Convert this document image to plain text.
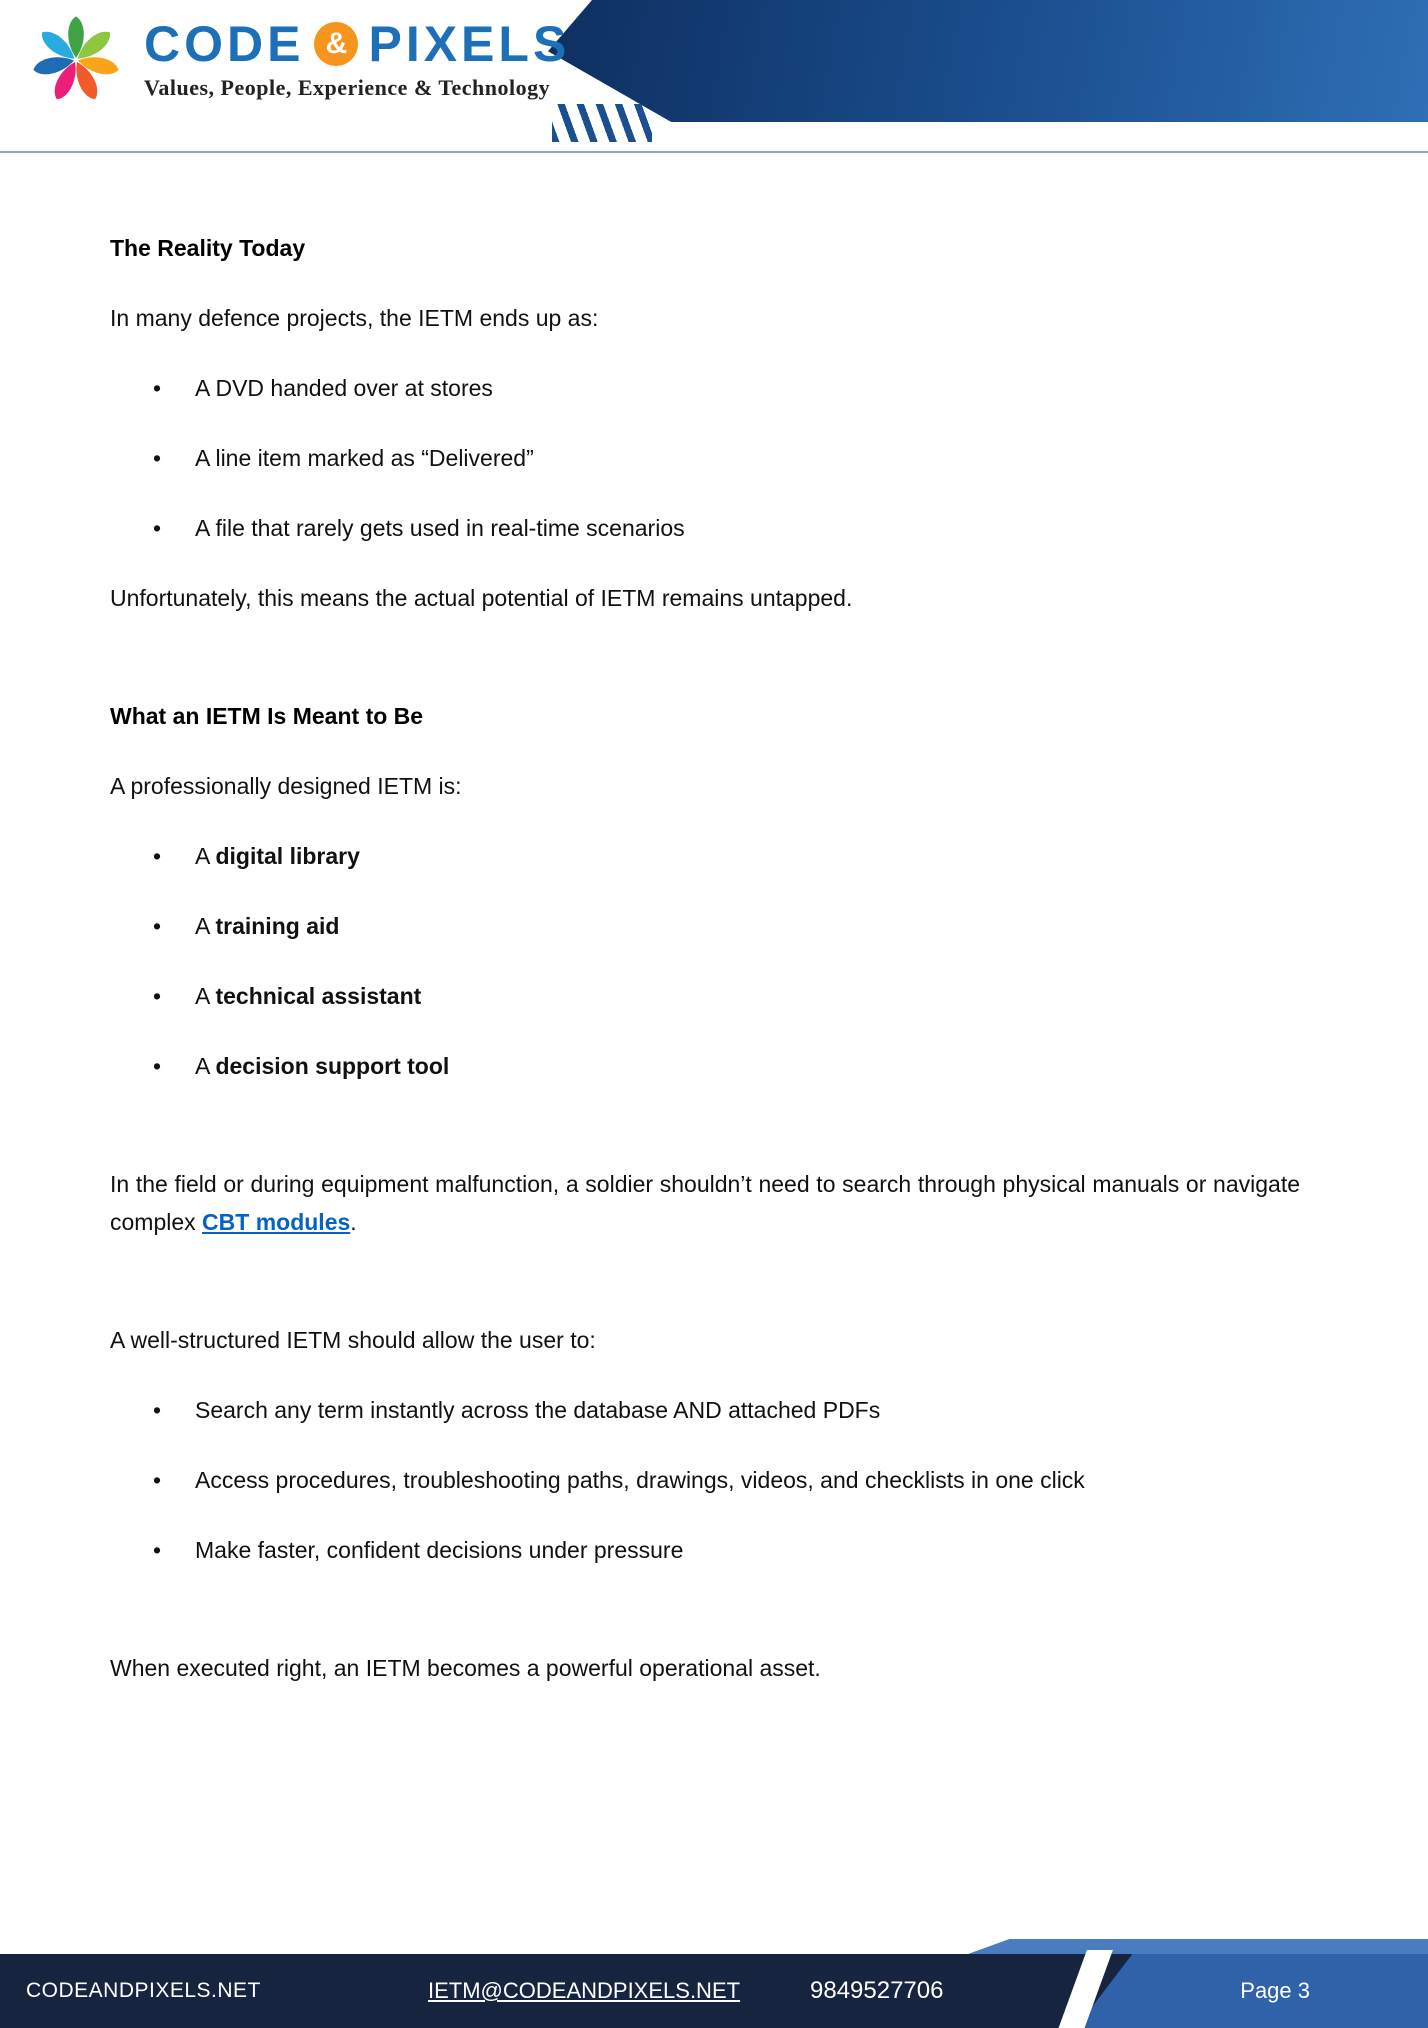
CODE & PIXELS
Values, People, Experience & Technology
The Reality Today

In many defence projects, the IETM ends up as:

• A DVD handed over at stores
• A line item marked as “Delivered”
• A file that rarely gets used in real-time scenarios

Unfortunately, this means the actual potential of IETM remains untapped.

What an IETM Is Meant to Be

A professionally designed IETM is:

• A digital library
• A training aid
• A technical assistant
• A decision support tool

In the field or during equipment malfunction, a soldier shouldn’t need to search through physical manuals or navigate complex CBT modules.

A well-structured IETM should allow the user to:

• Search any term instantly across the database AND attached PDFs
• Access procedures, troubleshooting paths, drawings, videos, and checklists in one click
• Make faster, confident decisions under pressure

When executed right, an IETM becomes a powerful operational asset.

CODEANDPIXELS.NET	IETM@CODEANDPIXELS.NET	9849527706	Page 3
